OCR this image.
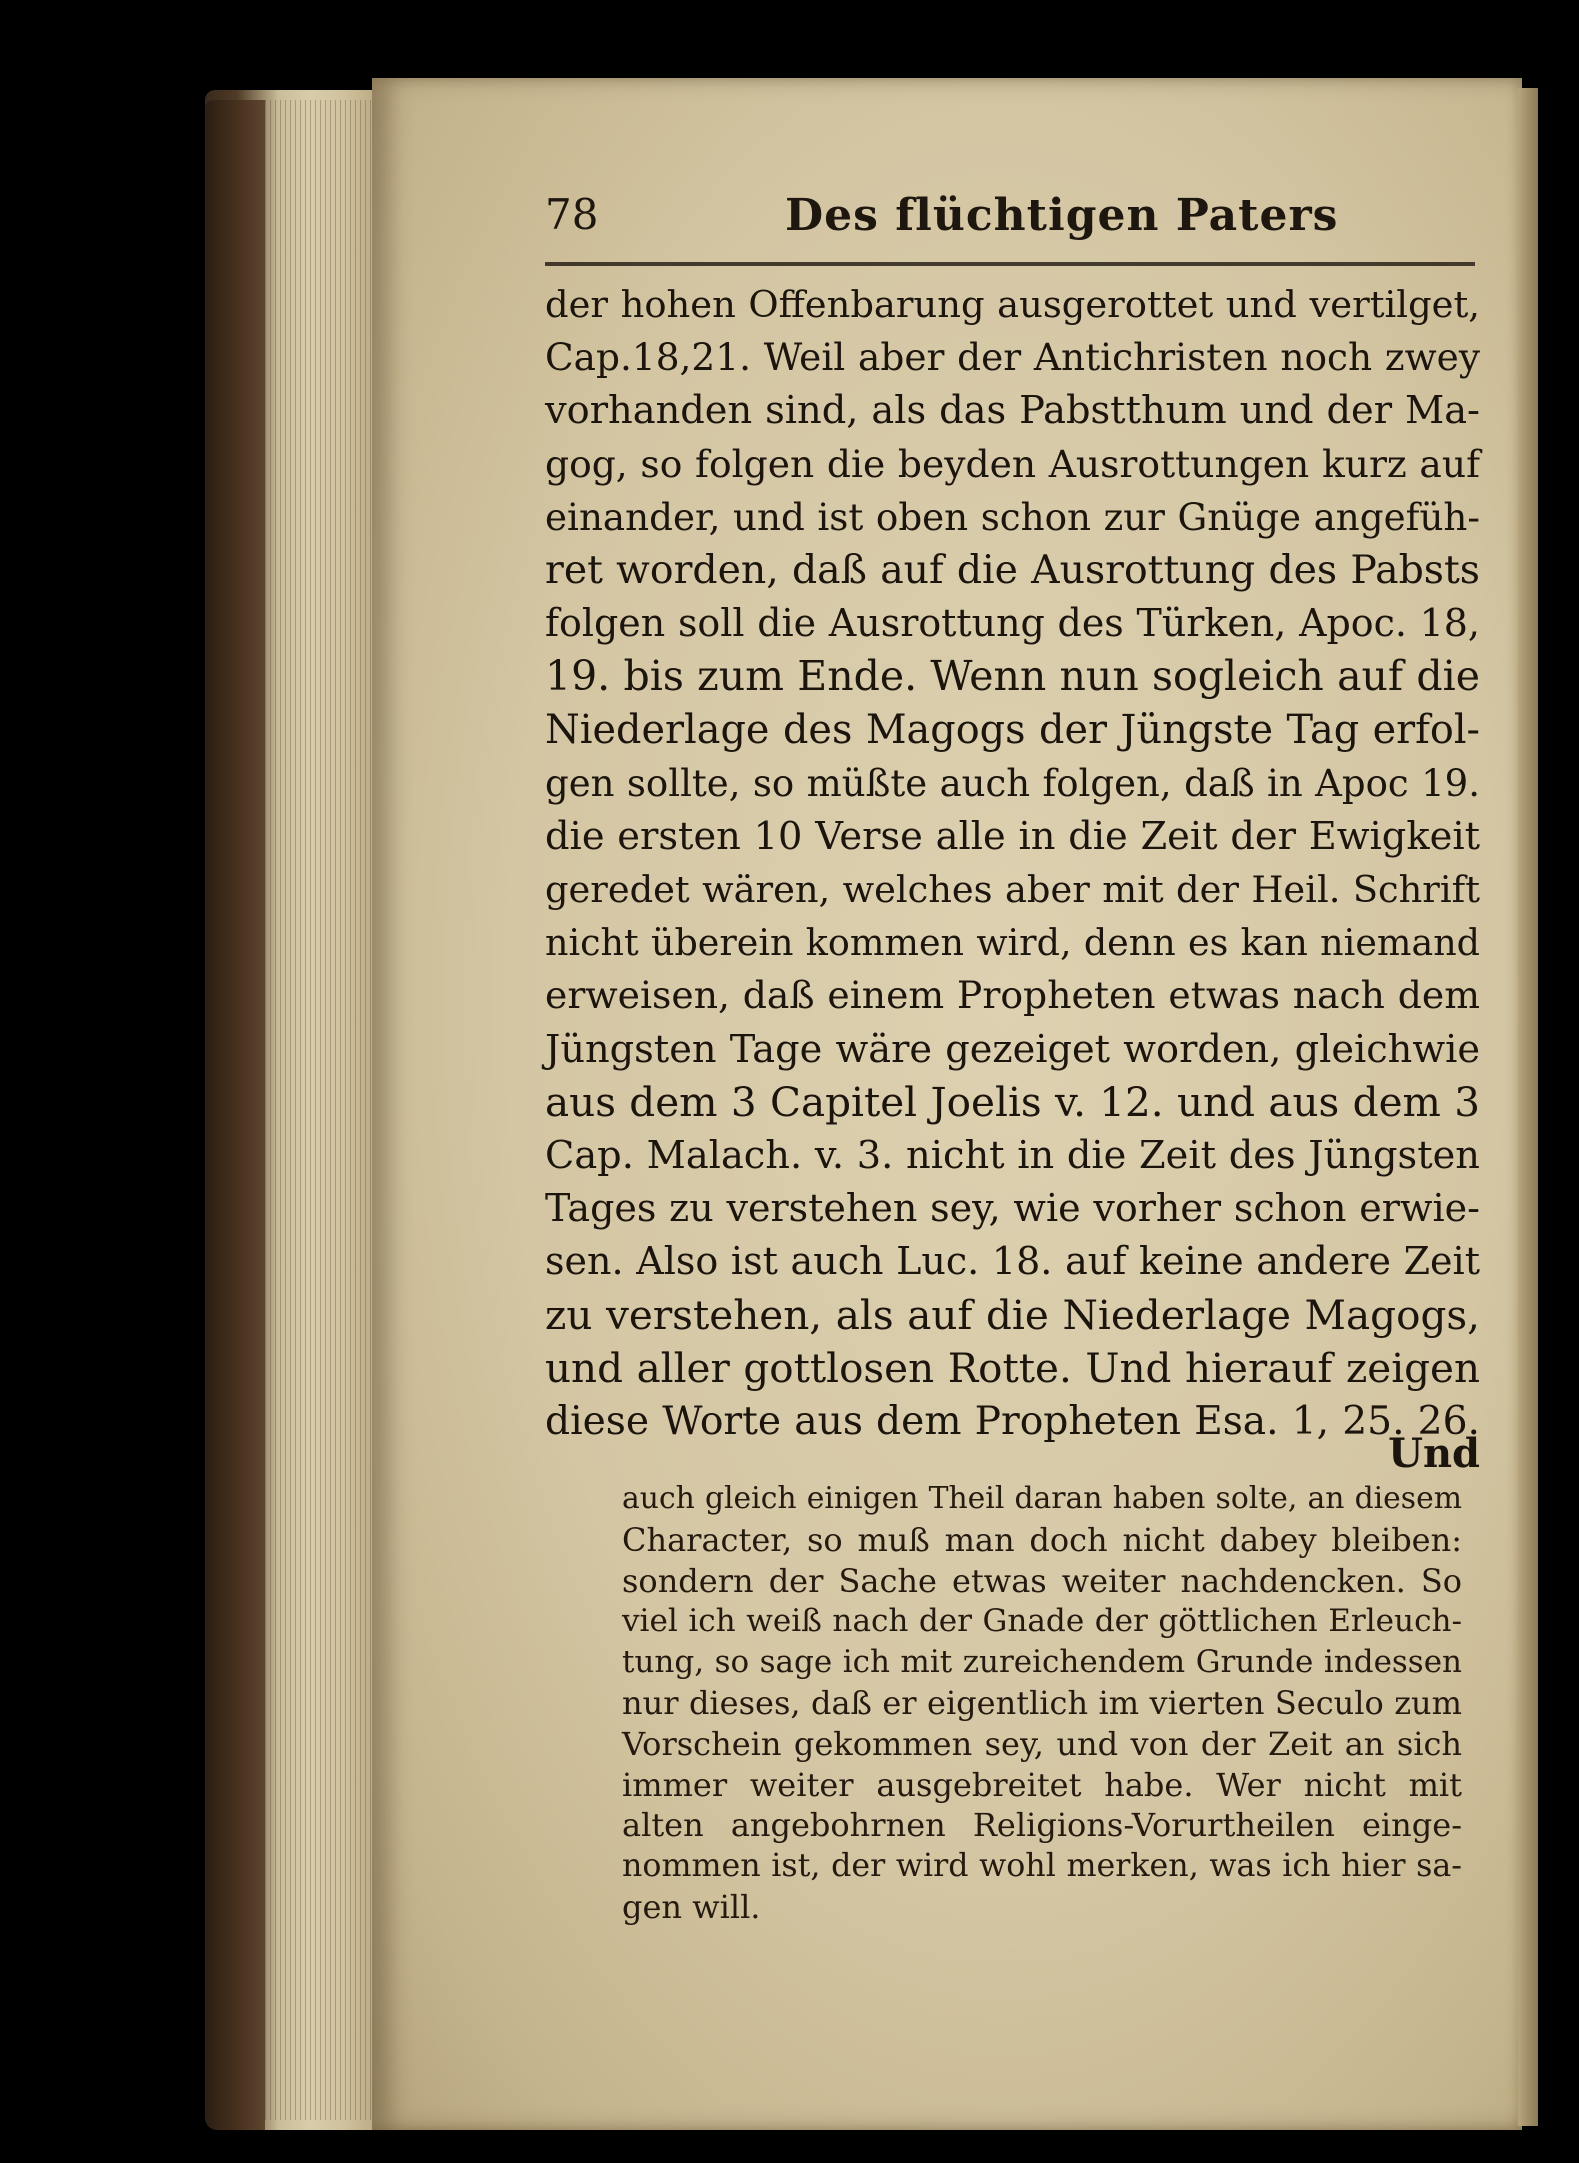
78	Des flüchtigen Paters
der hohen Offenbarung ausgerottet und vertilget,
Cap.18,21. Weil aber der Antichristen noch zwey
vorhanden sind, als das Pabstthum und der Ma-
gog, so folgen die beyden Ausrottungen kurz auf
einander, und ist oben schon zur Gnüge angefüh-
ret worden, daß auf die Ausrottung des Pabsts
folgen soll die Ausrottung des Türken, Apoc. 18,
19. bis zum Ende. Wenn nun sogleich auf die
Niederlage des Magogs der Jüngste Tag erfol-
gen sollte, so müßte auch folgen, daß in Apoc 19.
die ersten 10 Verse alle in die Zeit der Ewigkeit
geredet wären, welches aber mit der Heil. Schrift
nicht überein kommen wird, denn es kan niemand
erweisen, daß einem Propheten etwas nach dem
Jüngsten Tage wäre gezeiget worden, gleichwie
aus dem 3 Capitel Joelis v. 12. und aus dem 3
Cap. Malach. v. 3. nicht in die Zeit des Jüngsten
Tages zu verstehen sey, wie vorher schon erwie-
sen. Also ist auch Luc. 18. auf keine andere Zeit
zu verstehen, als auf die Niederlage Magogs,
und aller gottlosen Rotte. Und hierauf zeigen
diese Worte aus dem Propheten Esa. 1, 25. 26.
Und
auch gleich einigen Theil daran haben solte, an diesem
Character, so muß man doch nicht dabey bleiben:
sondern der Sache etwas weiter nachdencken. So
viel ich weiß nach der Gnade der göttlichen Erleuch-
tung, so sage ich mit zureichendem Grunde indessen
nur dieses, daß er eigentlich im vierten Seculo zum
Vorschein gekommen sey, und von der Zeit an sich
immer weiter ausgebreitet habe. Wer nicht mit
alten angebohrnen Religions-Vorurtheilen einge-
nommen ist, der wird wohl merken, was ich hier sa-
gen will.
